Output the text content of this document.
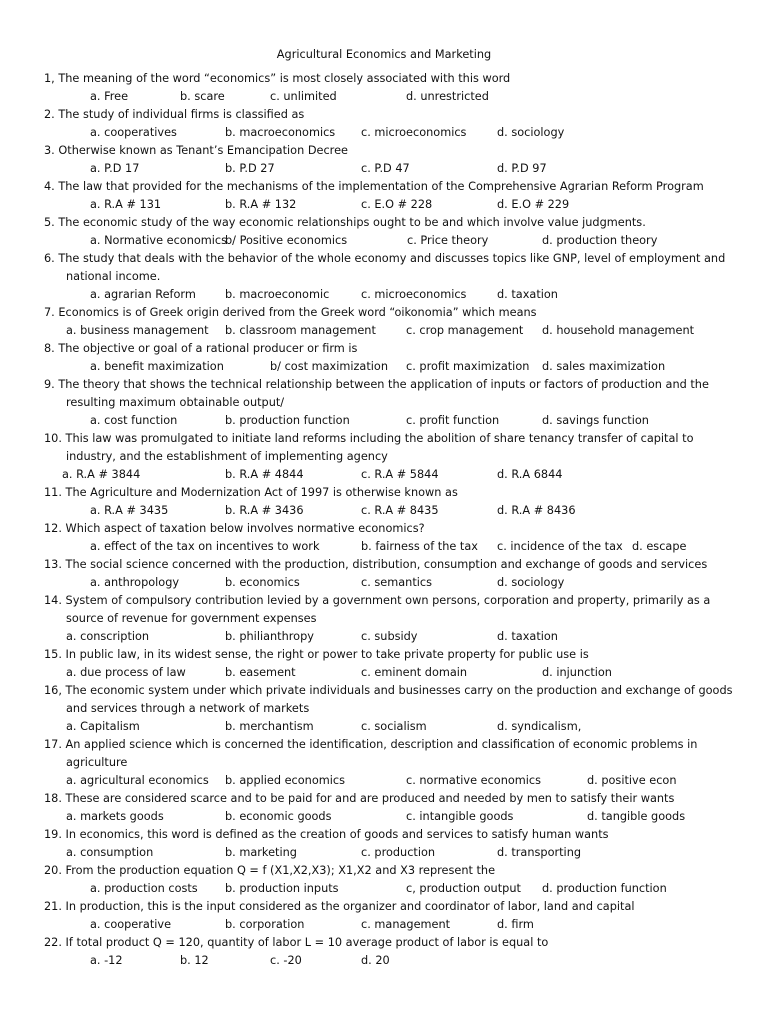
Agricultural Economics and Marketing
1, The meaning of the word “economics” is most closely associated with this word
a. Free	b. scare	c. unlimited	d. unrestricted
2. The study of individual firms is classified as
a. cooperatives	b. macroeconomics c. microeconomics	d. sociology
3. Otherwise known as Tenant’s Emancipation Decree
a. P.D 17	b. P.D 27	c. P.D 47	d. P.D 97
4. The law that provided for the mechanisms of the implementation of the Comprehensive Agrarian Reform Program
a. R.A # 131	b. R.A # 132	c. E.O # 228	d. E.O # 229
5. The economic study of the way economic relationships ought to be and which involve value judgments.
a. Normative economics
b/ Positive economics	c. Price theory	d. production theory
6. The study that deals with the behavior of the whole economy and discusses topics like GNP, level of employment and
national income.
a. agrarian Reform	b. macroeconomic	c. microeconomics	d. taxation
7. Economics is of Greek origin derived from the Greek word “oikonomia” which means
a. business management b. classroom management	c. crop management d. household management
8. The objective or goal of a rational producer or firm is
a. benefit maximization	b/ cost maximization c. profit maximization d. sales maximization
9. The theory that shows the technical relationship between the application of inputs or factors of production and the
resulting maximum obtainable output/
a. cost function	b. production function	c. profit function	d. savings function
10. This law was promulgated to initiate land reforms including the abolition of share tenancy transfer of capital to
industry, and the establishment of implementing agency
a. R.A # 3844	b. R.A # 4844	c. R.A # 5844	d. R.A 6844
11. The Agriculture and Modernization Act of 1997 is otherwise known as
a. R.A # 3435	b. R.A # 3436	c. R.A # 8435	d. R.A # 8436
12. Which aspect of taxation below involves normative economics?
a. effect of the tax on incentives to work	b. fairness of the tax c. incidence of the tax d. escape
13. The social science concerned with the production, distribution, consumption and exchange of goods and services
a. anthropology	b. economics	c. semantics	d. sociology
14. System of compulsory contribution levied by a government own persons, corporation and property, primarily as a
source of revenue for government expenses
a. conscription	b. philianthropy	c. subsidy	d. taxation
15. In public law, in its widest sense, the right or power to take private property for public use is
a. due process of law	b. easement	c. eminent domain	d. injunction
16, The economic system under which private individuals and businesses carry on the production and exchange of goods
and services through a network of markets
a. Capitalism	b. merchantism	c. socialism	d. syndicalism,
17. An applied science which is concerned the identification, description and classification of economic problems in
agriculture
a. agricultural economics b. applied economics	c. normative economics	d. positive econ
18. These are considered scarce and to be paid for and are produced and needed by men to satisfy their wants
a. markets goods	b. economic goods	c. intangible goods	d. tangible goods
19. In economics, this word is defined as the creation of goods and services to satisfy human wants
a. consumption	b. marketing	c. production	d. transporting
20. From the production equation Q = f (X1,X2,X3); X1,X2 and X3 represent the
a. production costs b. production inputs	c, production output d. production function
21. In production, this is the input considered as the organizer and coordinator of labor, land and capital
a. cooperative	b. corporation	c. management	d. firm
22. If total product Q = 120, quantity of labor L = 10 average product of labor is equal to
a. -12	b. 12	c. -20	d. 20
